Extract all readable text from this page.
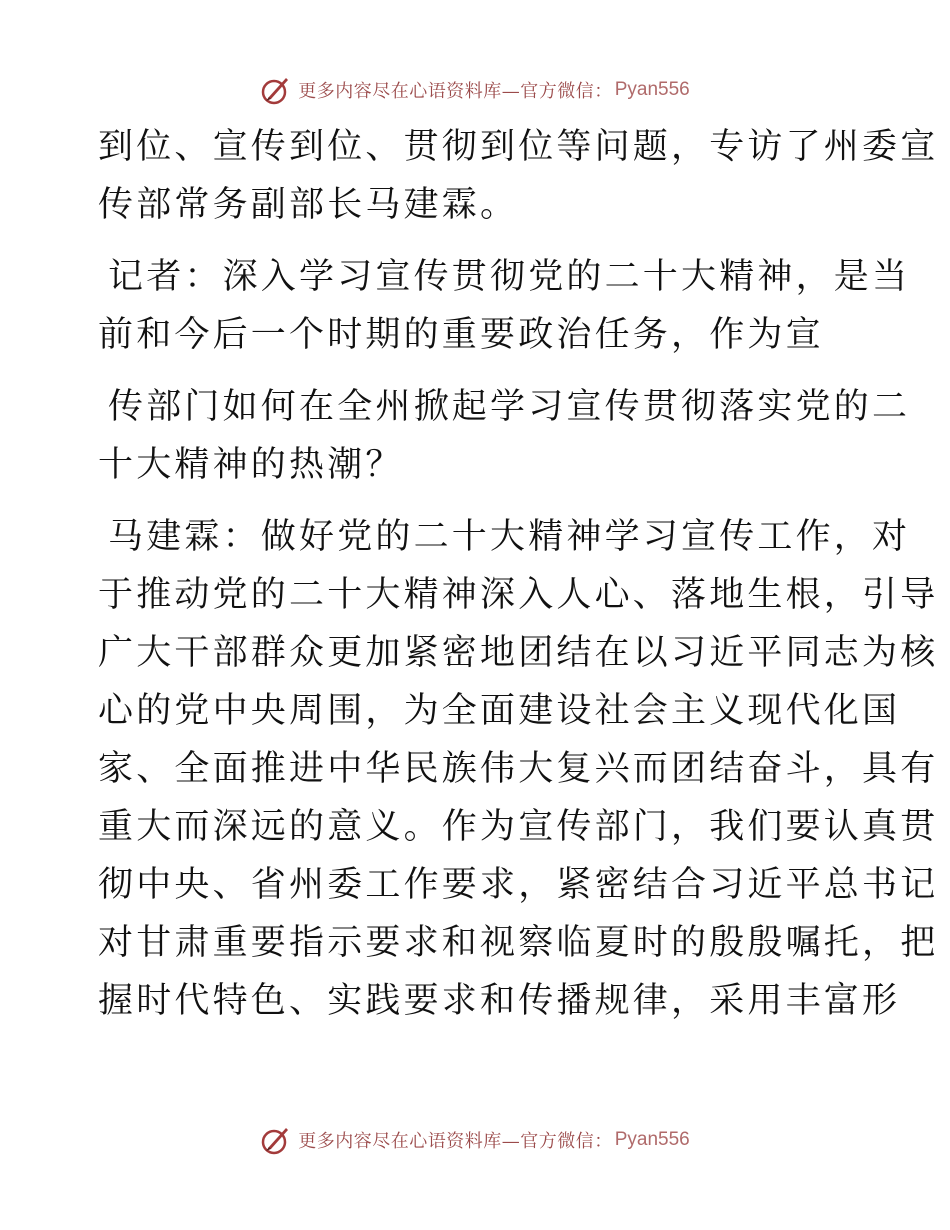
更多内容尽在心语资料库—官方微信： Pyan556
到位、宣传到位、贯彻到位等问题，专访了州委宣
传部常务副部长马建霖。
记者：深入学习宣传贯彻党的二十大精神，是当
前和今后一个时期的重要政治任务，作为宣
传部门如何在全州掀起学习宣传贯彻落实党的二
十大精神的热潮？
马建霖：做好党的二十大精神学习宣传工作，对
于推动党的二十大精神深入人心、落地生根，引导
广大干部群众更加紧密地团结在以习近平同志为核
心的党中央周围，为全面建设社会主义现代化国
家、全面推进中华民族伟大复兴而团结奋斗，具有
重大而深远的意义。作为宣传部门，我们要认真贯
彻中央、省州委工作要求，紧密结合习近平总书记
对甘肃重要指示要求和视察临夏时的殷殷嘱托，把
握时代特色、实践要求和传播规律，采用丰富形
更多内容尽在心语资料库—官方微信： Pyan556
